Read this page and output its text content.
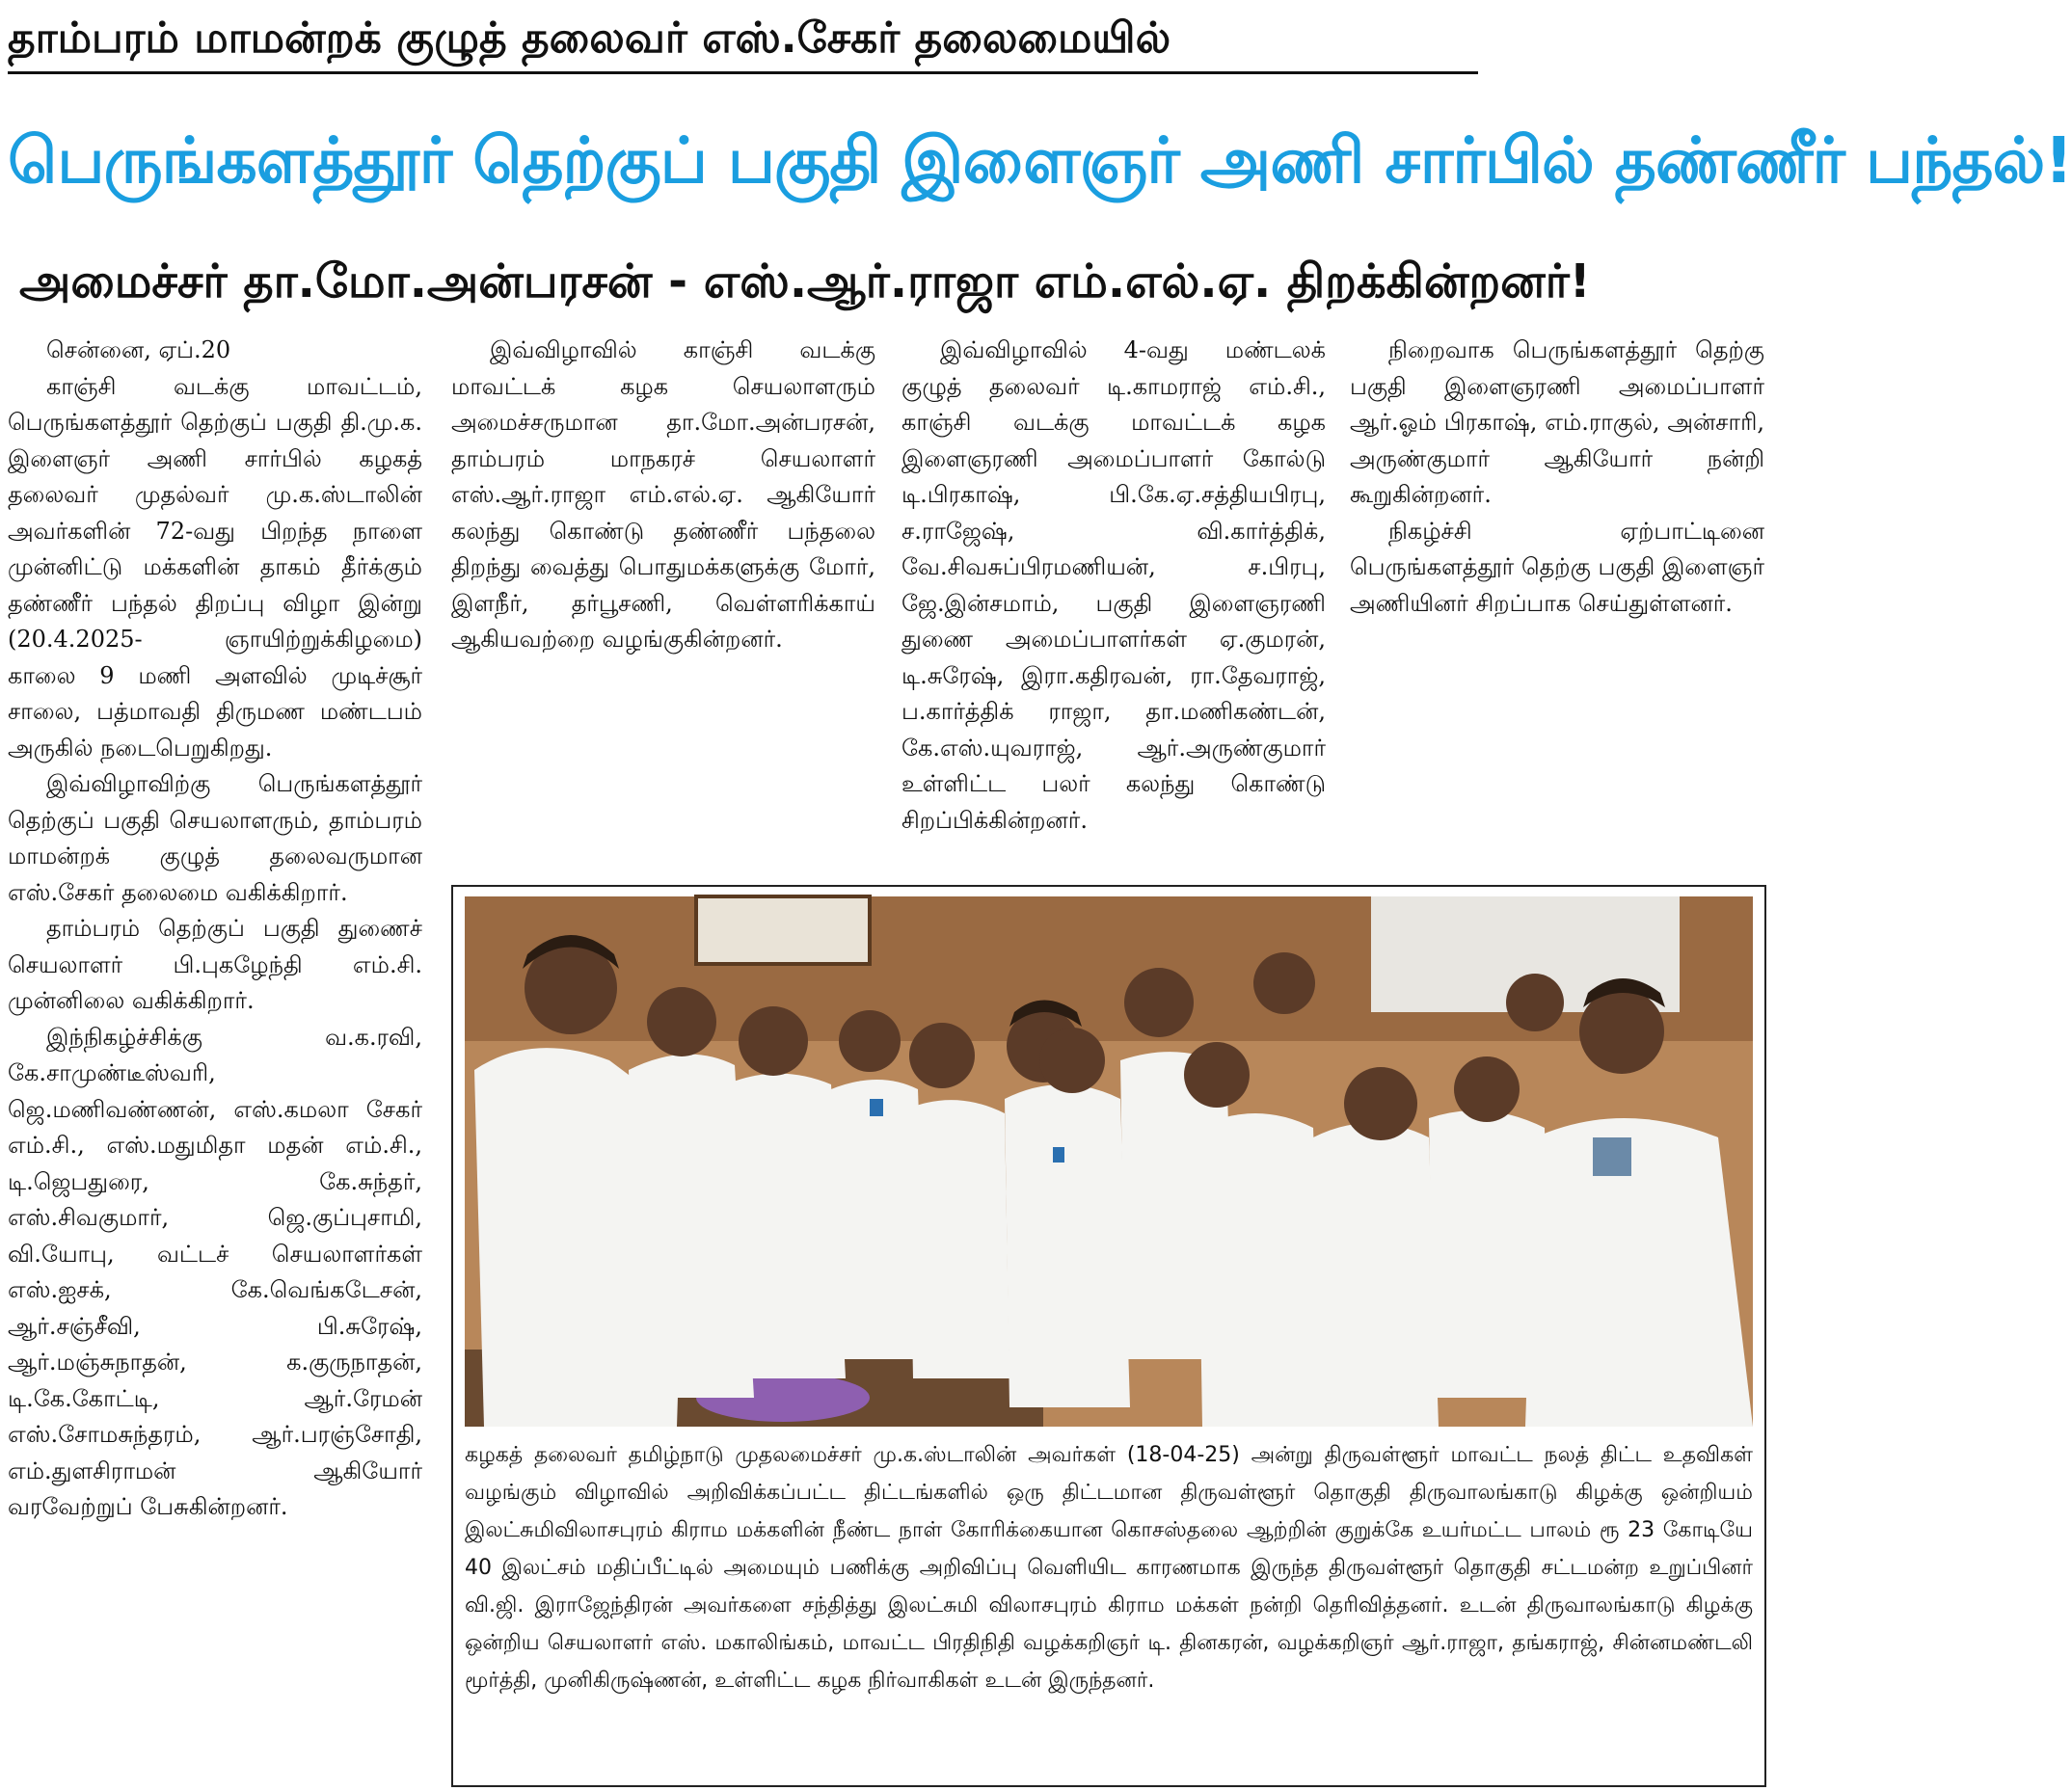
தாம்பரம் மாமன்றக் குழுத் தலைவர் எஸ்.சேகர் தலைமையில்
பெருங்களத்தூர் தெற்குப் பகுதி இளைஞர் அணி சார்பில் தண்ணீர் பந்தல்!
அமைச்சர் தா.மோ.அன்பரசன் - எஸ்.ஆர்.ராஜா எம்.எல்.ஏ. திறக்கின்றனர்!

சென்னை, ஏப்.20

காஞ்சி வடக்கு மாவட்டம், பெருங்களத்தூர் தெற்குப் பகுதி தி.மு.க. இளைஞர் அணி சார்பில் கழகத் தலைவர் முதல்வர் மு.க.ஸ்டாலின் அவர்களின் 72-வது பிறந்த நாளை முன்னிட்டு மக்களின் தாகம் தீர்க்கும் தண்ணீர் பந்தல் திறப்பு விழா இன்று (20.4.2025- ஞாயிற்றுக்கிழமை) காலை 9 மணி அளவில் முடிச்சூர் சாலை, பத்மாவதி திருமண மண்டபம் அருகில் நடைபெறுகிறது.

இவ்விழாவிற்கு பெருங்களத்தூர் தெற்குப் பகுதி செயலாளரும், தாம்பரம் மாமன்றக் குழுத் தலைவருமான எஸ்.சேகர் தலைமை வகிக்கிறார்.

தாம்பரம் தெற்குப் பகுதி துணைச் செயலாளர் பி.புகழேந்தி எம்.சி. முன்னிலை வகிக்கிறார்.

இந்நிகழ்ச்சிக்கு வ.க.ரவி, கே.சாமுண்டீஸ்வரி, ஜெ.மணிவண்ணன், எஸ்.கமலா சேகர் எம்.சி., எஸ்.மதுமிதா மதன் எம்.சி., டி.ஜெபதுரை, கே.சுந்தர், எஸ்.சிவகுமார், ஜெ.குப்புசாமி, வி.யோபு, வட்டச் செயலாளர்கள் எஸ்.ஐசக், கே.வெங்கடேசன், ஆர்.சஞ்சீவி, பி.சுரேஷ், ஆர்.மஞ்சுநாதன், க.குருநாதன், டி.கே.கோட்டி, ஆர்.ரேமன் எஸ்.சோமசுந்தரம், ஆர்.பரஞ்சோதி, எம்.துளசிராமன் ஆகியோர் வரவேற்றுப் பேசுகின்றனர்.

இவ்விழாவில் காஞ்சி வடக்கு மாவட்டக் கழக செயலாளரும் அமைச்சருமான தா.மோ.அன்பரசன், தாம்பரம் மாநகரச் செயலாளர் எஸ்.ஆர்.ராஜா எம்.எல்.ஏ. ஆகியோர் கலந்து கொண்டு தண்ணீர் பந்தலை திறந்து வைத்து பொதுமக்களுக்கு மோர், இளநீர், தர்பூசணி, வெள்ளரிக்காய் ஆகியவற்றை வழங்குகின்றனர்.

இவ்விழாவில் 4-வது மண்டலக் குழுத் தலைவர் டி.காமராஜ் எம்.சி., காஞ்சி வடக்கு மாவட்டக் கழக இளைஞரணி அமைப்பாளர் கோல்டு டி.பிரகாஷ், பி.கே.ஏ.சத்தியபிரபு, ச.ராஜேஷ், வி.கார்த்திக், வே.சிவசுப்பிரமணியன், ச.பிரபு, ஜே.இன்சமாம், பகுதி இளைஞரணி துணை அமைப்பாளர்கள் ஏ.குமரன், டி.சுரேஷ், இரா.கதிரவன், ரா.தேவராஜ், ப.கார்த்திக் ராஜா, தா.மணிகண்டன், கே.எஸ்.யுவராஜ், ஆர்.அருண்குமார் உள்ளிட்ட பலர் கலந்து கொண்டு சிறப்பிக்கின்றனர்.

நிறைவாக பெருங்களத்தூர் தெற்கு பகுதி இளைஞரணி அமைப்பாளர் ஆர்.ஓம் பிரகாஷ், எம்.ராகுல், அன்சாரி, அருண்குமார் ஆகியோர் நன்றி கூறுகின்றனர்.

நிகழ்ச்சி ஏற்பாட்டினை பெருங்களத்தூர் தெற்கு பகுதி இளைஞர் அணியினர் சிறப்பாக செய்துள்ளனர்.

கழகத் தலைவர் தமிழ்நாடு முதலமைச்சர் மு.க.ஸ்டாலின் அவர்கள் (18-04-25) அன்று திருவள்ளூர் மாவட்ட நலத் திட்ட உதவிகள் வழங்கும் விழாவில் அறிவிக்கப்பட்ட திட்டங்களில் ஒரு திட்டமான திருவள்ளூர் தொகுதி திருவாலங்காடு கிழக்கு ஒன்றியம் இலட்சுமிவிலாசபுரம் கிராம மக்களின் நீண்ட நாள் கோரிக்கையான கொசஸ்தலை ஆற்றின் குறுக்கே உயர்மட்ட பாலம் ரூ 23 கோடியே 40 இலட்சம் மதிப்பீட்டில் அமையும் பணிக்கு அறிவிப்பு வெளியிட காரணமாக இருந்த திருவள்ளூர் தொகுதி சட்டமன்ற உறுப்பினர் வி.ஜி. இராஜேந்திரன் அவர்களை சந்தித்து இலட்சுமி விலாசபுரம் கிராம மக்கள் நன்றி தெரிவித்தனர். உடன் திருவாலங்காடு கிழக்கு ஒன்றிய செயலாளர் எஸ். மகாலிங்கம், மாவட்ட பிரதிநிதி வழக்கறிஞர் டி. தினகரன், வழக்கறிஞர் ஆர்.ராஜா, தங்கராஜ், சின்னமண்டலி மூர்த்தி, முனிகிருஷ்ணன், உள்ளிட்ட கழக நிர்வாகிகள் உடன் இருந்தனர்.
